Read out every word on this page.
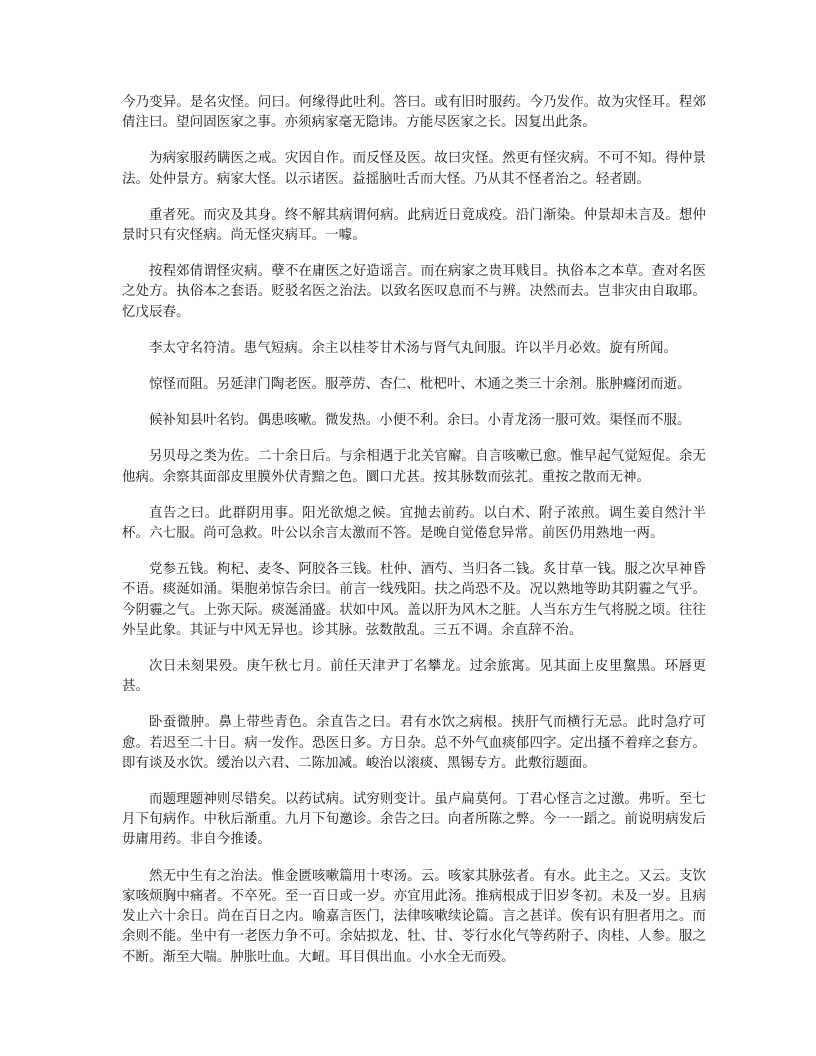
今乃变异。是名灾怪。问曰。何缘得此吐利。答曰。或有旧时服药。今乃发作。故为灾怪耳。程郊倩注曰。望问固医家之事。亦须病家毫无隐讳。方能尽医家之长。因复出此条。

为病家服药瞒医之戒。灾因自作。而反怪及医。故曰灾怪。然更有怪灾病。不可不知。得仲景法。处仲景方。病家大怪。以示诸医。益摇脑吐舌而大怪。乃从其不怪者治之。轻者剧。

重者死。而灾及其身。终不解其病谓何病。此病近日竟成疫。沿门渐染。仲景却未言及。想仲景时只有灾怪病。尚无怪灾病耳。一噱。

按程郊倩谓怪灾病。孽不在庸医之好造谣言。而在病家之贵耳贱目。执俗本之本草。查对名医之处方。执俗本之套语。贬驳名医之治法。以致名医叹息而不与辨。决然而去。岂非灾由自取耶。忆戊辰春。

李太守名符清。患气短病。余主以桂苓甘术汤与肾气丸间服。许以半月必效。旋有所闻。

惊怪而阻。另延津门陶老医。服葶苈、杏仁、枇杷叶、木通之类三十余剂。胀肿癃闭而逝。

候补知县叶名钧。偶患咳嗽。微发热。小便不利。余曰。小青龙汤一服可效。渠怪而不服。

另贝母之类为佐。二十余日后。与余相遇于北关官廨。自言咳嗽已愈。惟早起气觉短促。余无他病。余察其面部皮里膜外伏青黯之色。圜口尤甚。按其脉数而弦芤。重按之散而无神。

直告之曰。此群阴用事。阳光欲熄之候。宜抛去前药。以白术、附子浓煎。调生姜自然汁半杯。六七服。尚可急救。叶公以余言太激而不答。是晚自觉倦怠异常。前医仍用熟地一两。

党参五钱。枸杞、麦冬、阿胶各三钱。杜仲、酒芍、当归各二钱。炙甘草一钱。服之次早神昏不语。痰涎如涌。渠胞弟惊告余曰。前言一线残阳。扶之尚恐不及。况以熟地等助其阴霾之气乎。今阴霾之气。上弥天际。痰涎涌盛。状如中风。盖以肝为风木之脏。人当东方生气将脱之顷。往往外呈此象。其证与中风无异也。诊其脉。弦数散乱。三五不调。余直辞不治。

次日未刻果殁。庚午秋七月。前任天津尹丁名攀龙。过余旅寓。见其面上皮里黧黑。环唇更甚。

卧蚕微肿。鼻上带些青色。余直告之曰。君有水饮之病根。挟肝气而横行无忌。此时急疗可愈。若迟至二十日。病一发作。恐医日多。方日杂。总不外气血痰郁四字。定出搔不着痒之套方。即有谈及水饮。缓治以六君、二陈加减。峻治以滚痰、黑锡专方。此敷衍题面。

而题理题神则尽错矣。以药试病。试穷则变计。虽卢扁莫何。丁君心怪言之过激。弗听。至七月下旬病作。中秋后渐重。九月下旬邀诊。余告之曰。向者所陈之弊。今一一蹈之。前说明病发后毋庸用药。非自今推诿。

然无中生有之治法。惟金匮咳嗽篇用十枣汤。云。咳家其脉弦者。有水。此主之。又云。支饮家咳烦胸中痛者。不卒死。至一百日或一岁。亦宜用此汤。推病根成于旧岁冬初。未及一岁。且病发止六十余日。尚在百日之内。喻嘉言医门，法律咳嗽续论篇。言之甚详。俟有识有胆者用之。而余则不能。坐中有一老医力争不可。余姑拟龙、牡、甘、苓行水化气等药附子、肉桂、人参。服之不断。渐至大喘。肿胀吐血。大衄。耳目俱出血。小水全无而殁。
